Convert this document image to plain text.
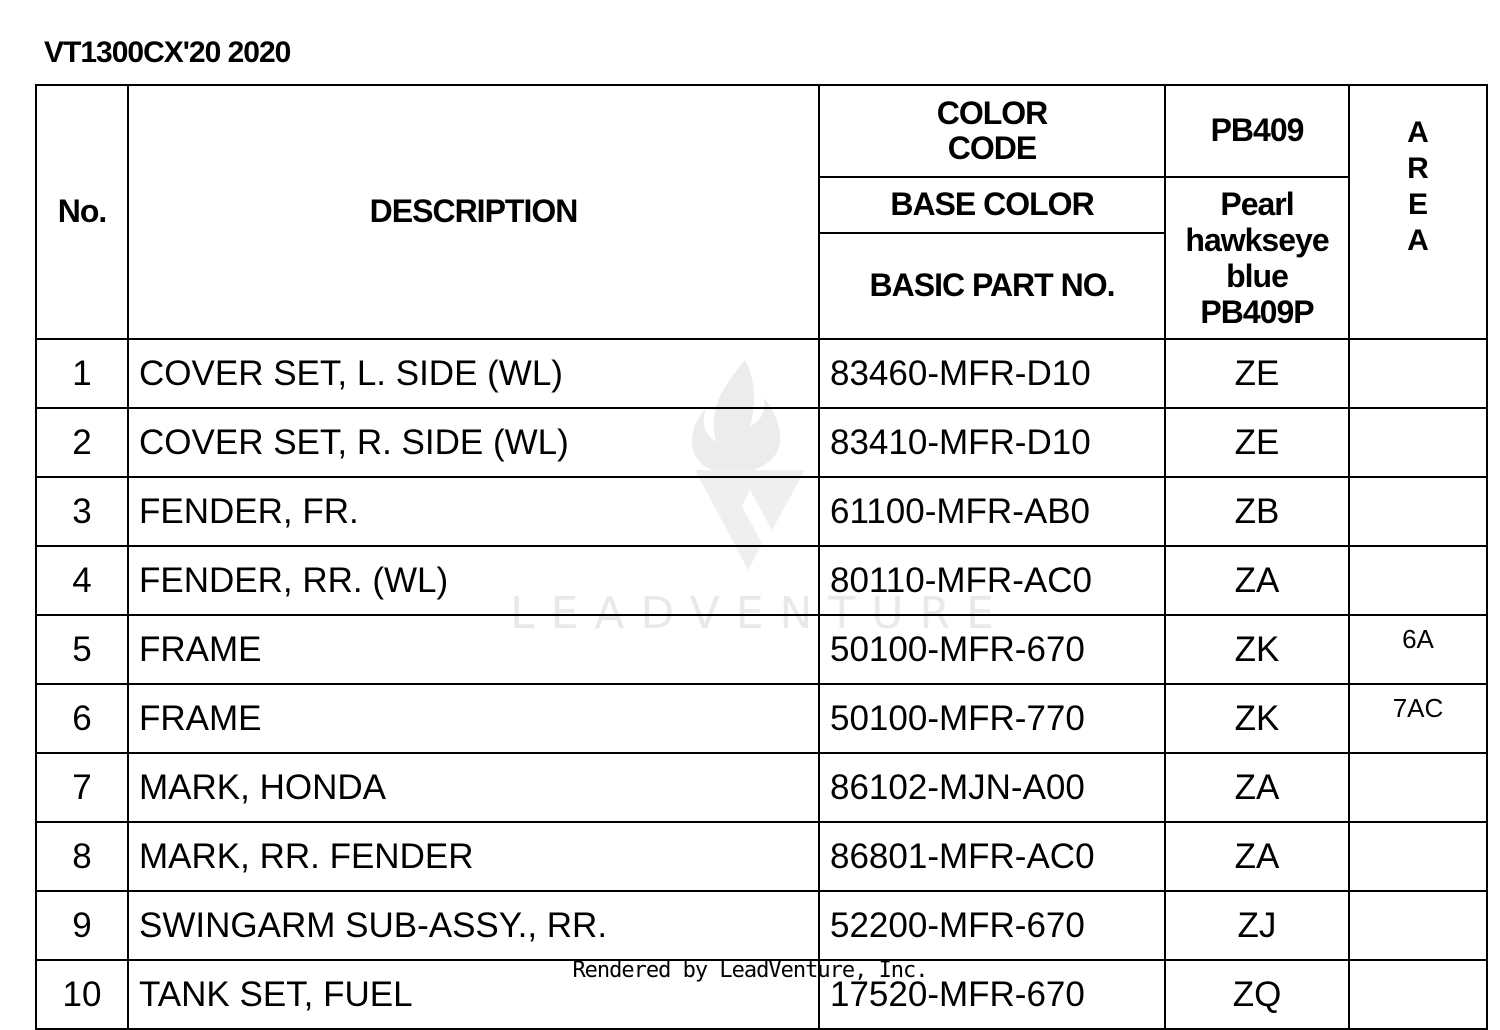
VT1300CX'20 2020
LEADVENTURE
No.	DESCRIPTION	COLOR CODE	PB409	A
R
E
A

		BASE COLOR	Pearl
hawkseye
blue
PB409P	

		BASIC PART NO.		
1	COVER SET, L. SIDE (WL)	83460-MFR-D10	ZE	
2	COVER SET, R. SIDE (WL)	83410-MFR-D10	ZE	
3	FENDER, FR.	61100-MFR-AB0	ZB	
4	FENDER, RR. (WL)	80110-MFR-AC0	ZA	
5	FRAME	50100-MFR-670	ZK	6A
6	FRAME	50100-MFR-770	ZK	7AC
7	MARK, HONDA	86102-MJN-A00	ZA	
8	MARK, RR. FENDER	86801-MFR-AC0	ZA	
9	SWINGARM SUB-ASSY., RR.	52200-MFR-670	ZJ	
10	TANK SET, FUEL	17520-MFR-670	ZQ	
Rendered by LeadVenture, Inc.
